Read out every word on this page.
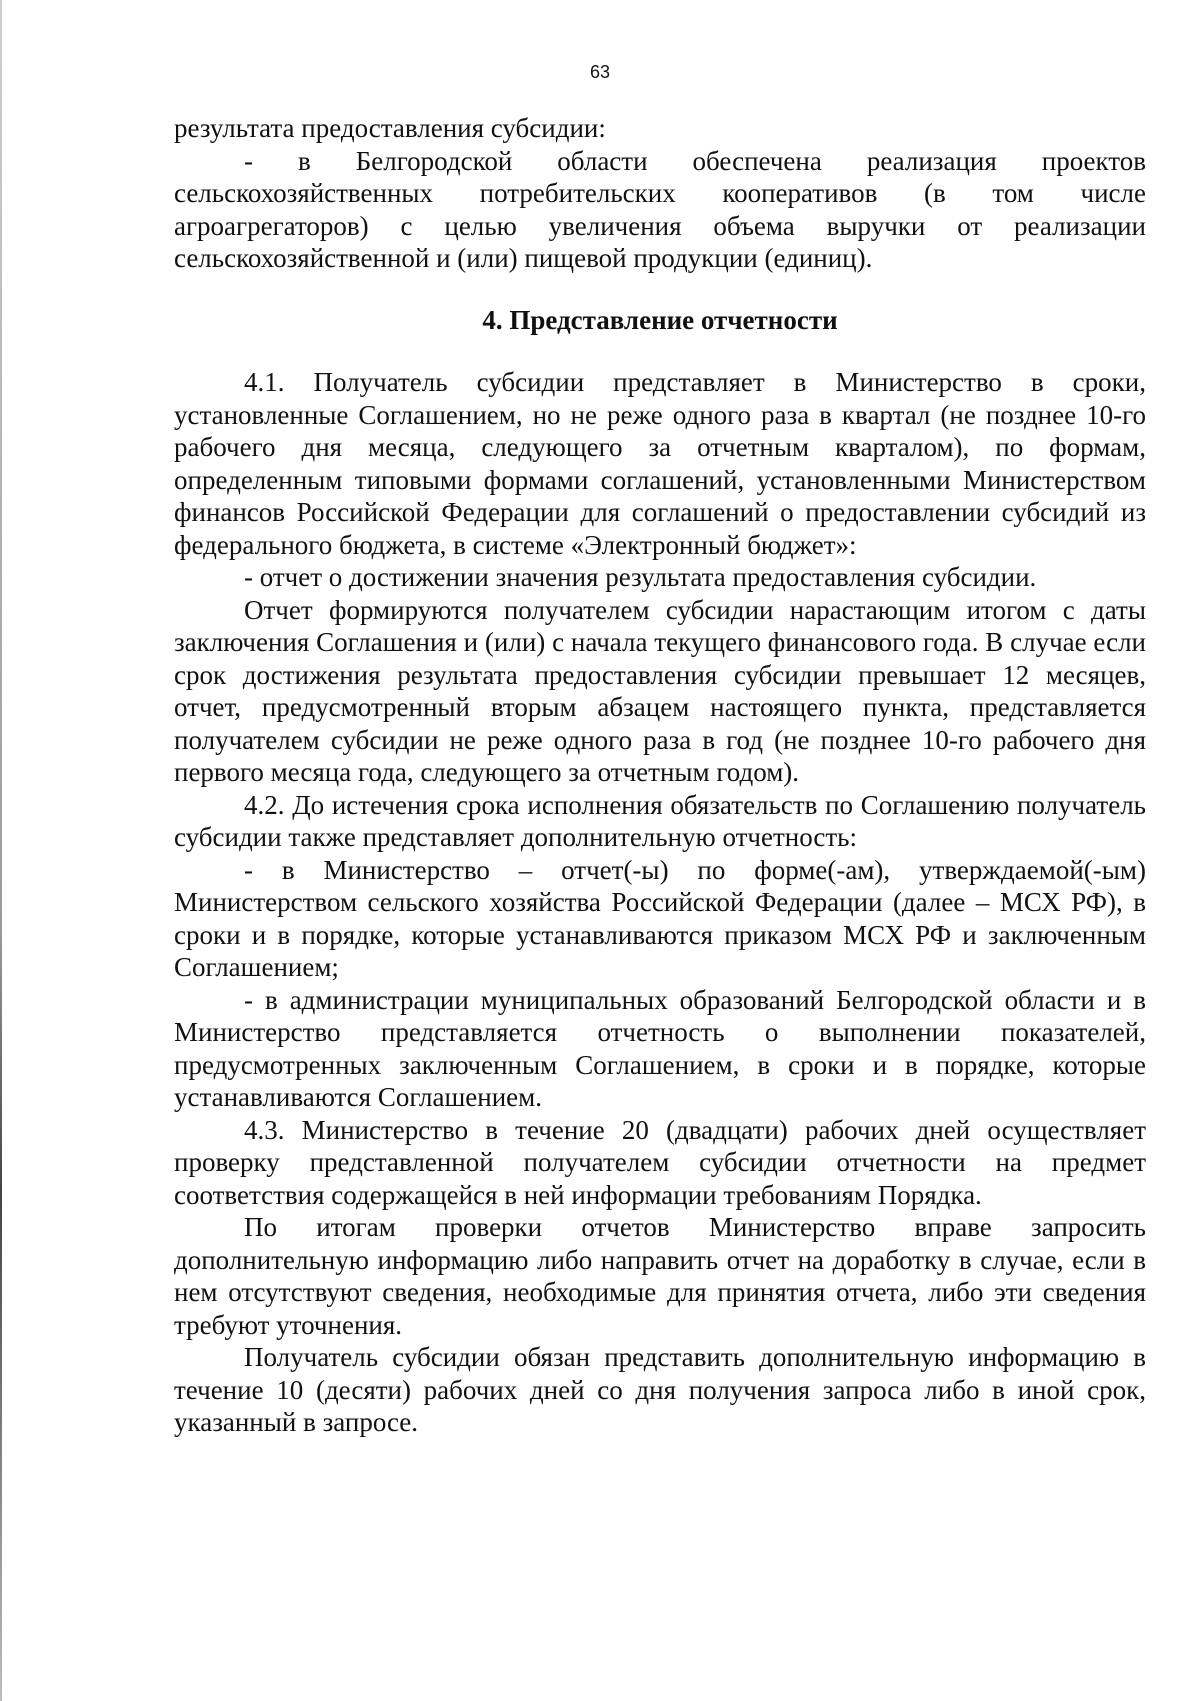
63

результата предоставления субсидии:

- в Белгородской области обеспечена реализация проектов сельскохозяйственных потребительских кооперативов (в том числе агроагрегаторов) с целью увеличения объема выручки от реализации сельскохозяйственной и (или) пищевой продукции (единиц).

4. Представление отчетности

4.1. Получатель субсидии представляет в Министерство в сроки, установленные Соглашением, но не реже одного раза в квартал (не позднее 10-го рабочего дня месяца, следующего за отчетным кварталом), по формам, определенным типовыми формами соглашений, установленными Министерством финансов Российской Федерации для соглашений о предоставлении субсидий из федерального бюджета, в системе «Электронный бюджет»:

- отчет о достижении значения результата предоставления субсидии.

Отчет формируются получателем субсидии нарастающим итогом с даты заключения Соглашения и (или) с начала текущего финансового года. В случае если срок достижения результата предоставления субсидии превышает 12 месяцев, отчет, предусмотренный вторым абзацем настоящего пункта, представляется получателем субсидии не реже одного раза в год (не позднее 10-го рабочего дня первого месяца года, следующего за отчетным годом).

4.2. До истечения срока исполнения обязательств по Соглашению получатель субсидии также представляет дополнительную отчетность:

- в Министерство – отчет(-ы) по форме(-ам), утверждаемой(-ым) Министерством сельского хозяйства Российской Федерации (далее – МСХ РФ), в сроки и в порядке, которые устанавливаются приказом МСХ РФ и заключенным Соглашением;

- в администрации муниципальных образований Белгородской области и в Министерство представляется отчетность о выполнении показателей, предусмотренных заключенным Соглашением, в сроки и в порядке, которые устанавливаются Соглашением.

4.3. Министерство в течение 20 (двадцати) рабочих дней осуществляет проверку представленной получателем субсидии отчетности на предмет соответствия содержащейся в ней информации требованиям Порядка.

По итогам проверки отчетов Министерство вправе запросить дополнительную информацию либо направить отчет на доработку в случае, если в нем отсутствуют сведения, необходимые для принятия отчета, либо эти сведения требуют уточнения.

Получатель субсидии обязан представить дополнительную информацию в течение 10 (десяти) рабочих дней со дня получения запроса либо в иной срок, указанный в запросе.
